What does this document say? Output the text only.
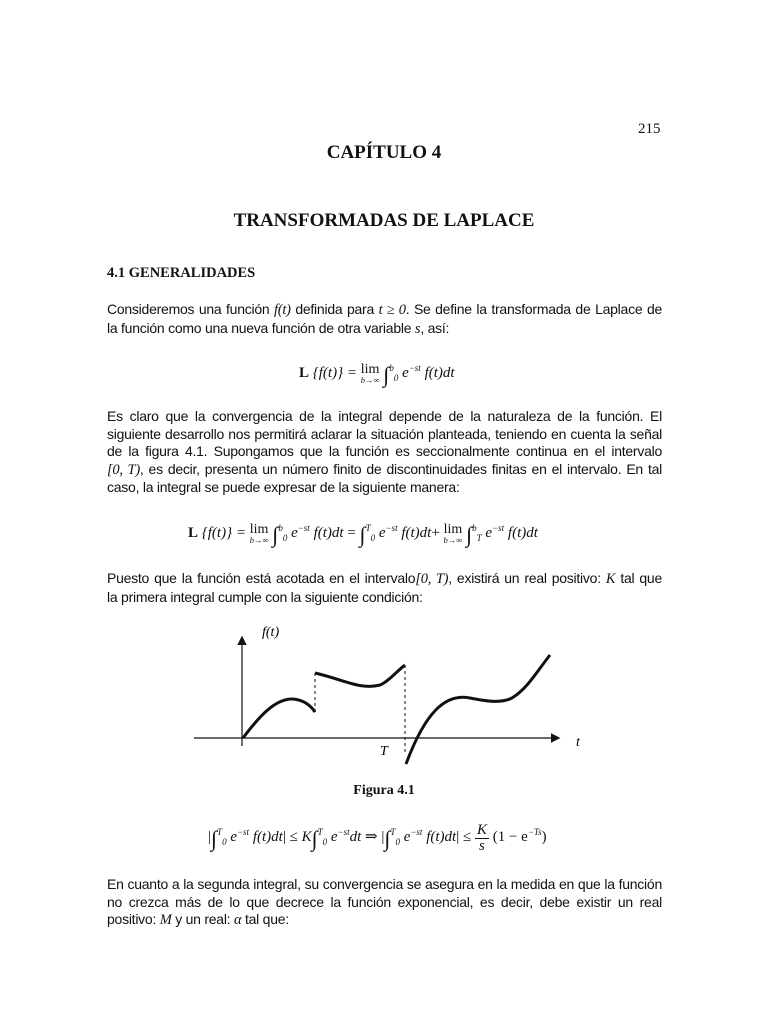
215
CAPÍTULO 4
TRANSFORMADAS DE LAPLACE
4.1 GENERALIDADES
Consideremos una función f(t) definida para t ≥ 0. Se define la transformada de Laplace de
la función como una nueva función de otra variable s, así:
L {f(t)} = lim
b→∞ ∫$^b_0$ $e^{-st}$ f(t)dt
Es claro que la convergencia de la integral depende de la naturaleza de la función. El
siguiente desarrollo nos permitirá aclarar la situación planteada, teniendo en cuenta la señal
de la figura 4.1. Supongamos que la función es seccionalmente continua en el intervalo
[0, T), es decir, presenta un número finito de discontinuidades finitas en el intervalo. En tal
caso, la integral se puede expresar de la siguiente manera:
L {f(t)} = lim
b→∞ ∫$^b_0$ $e^{-st}$ f(t)dt = ∫$^T_0$ $e^{-st}$ f(t)dt+ lim
b→∞ ∫$^b_T$ $e^{-st}$ f(t)dt
Puesto que la función está acotada en el intervalo[0, T), existirá un real positivo: K tal que
la primera integral cumple con la siguiente condición:
f(t)
t
T
Figura 4.1
|∫$^T_0$ $e^{-st}$ f(t)dt| ≤ K∫$^T_0$ $e^{-st}dt$ ⇒ |∫$^T_0$ $e^{-st}$ $f(t)dt| \le \frac{K}{s} (1 - e^{-Ts})$
En cuanto a la segunda integral, su convergencia se asegura en la medida en que la función
no crezca más de lo que decrece la función exponencial, es decir, debe existir un real
positivo: M y un real: α tal que:
